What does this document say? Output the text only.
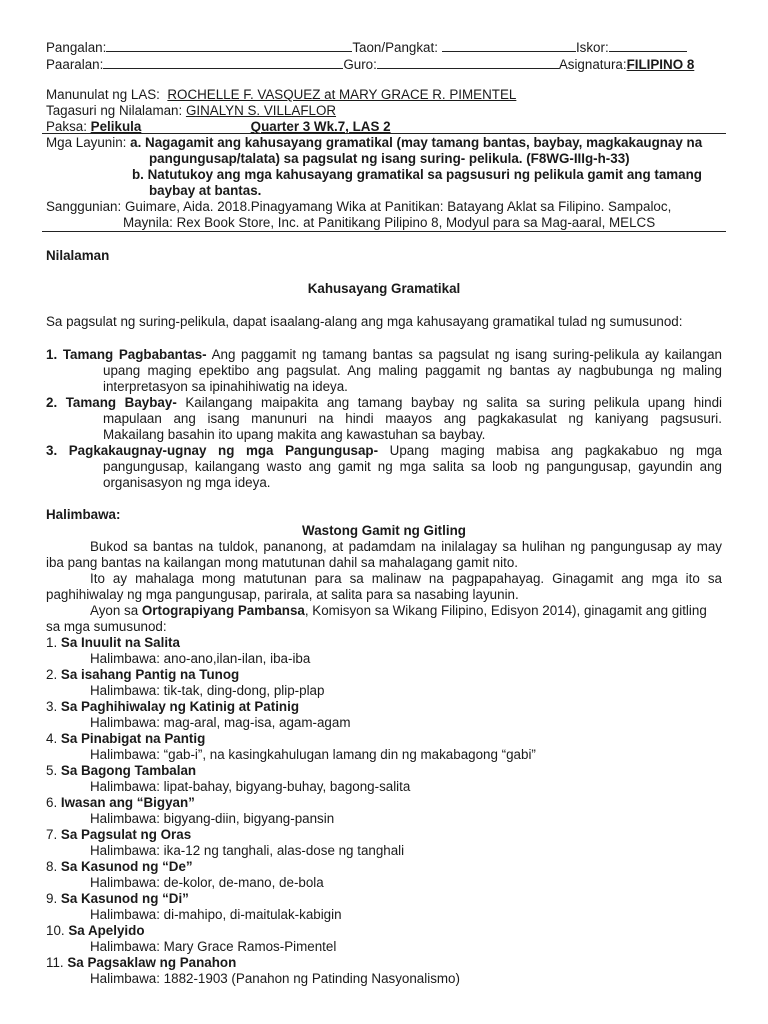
Pangalan:	Taon/Pangkat:	Iskor:
Paaralan:	Guro:	Asignatura:FILIPINO 8
Manunulat ng LAS: ROCHELLE F. VASQUEZ at MARY GRACE R. PIMENTEL
Tagasuri ng Nilalaman: GINALYN S. VILLAFLOR
Paksa: Pelikula	Quarter 3 Wk.7, LAS 2
Mga Layunin: a. Nagagamit ang kahusayang gramatikal (may tamang bantas, baybay, magkakaugnay na
pangungusap/talata) sa pagsulat ng isang suring- pelikula. (F8WG-IIIg-h-33)
b. Natutukoy ang mga kahusayang gramatikal sa pagsusuri ng pelikula gamit ang tamang
baybay at bantas.
Sanggunian: Guimare, Aida. 2018.Pinagyamang Wika at Panitikan: Batayang Aklat sa Filipino. Sampaloc,
Maynila: Rex Book Store, Inc. at Panitikang Pilipino 8, Modyul para sa Mag-aaral, MELCS
Nilalaman
Kahusayang Gramatikal
Sa pagsulat ng suring-pelikula, dapat isaalang-alang ang mga kahusayang gramatikal tulad ng sumusunod:
1. Tamang Pagbabantas- Ang paggamit ng tamang bantas sa pagsulat ng isang suring-pelikula ay kailangan
upang maging epektibo ang pagsulat. Ang maling paggamit ng bantas ay nagbubunga ng maling
interpretasyon sa ipinahihiwatig na ideya.
2. Tamang Baybay- Kailangang maipakita ang tamang baybay ng salita sa suring pelikula upang hindi
mapulaan ang isang manunuri na hindi maayos ang pagkakasulat ng kaniyang pagsusuri.
Makailang basahin ito upang makita ang kawastuhan sa baybay.
3. Pagkakaugnay-ugnay ng mga Pangungusap- Upang maging mabisa ang pagkakabuo ng mga
pangungusap, kailangang wasto ang gamit ng mga salita sa loob ng pangungusap, gayundin ang
organisasyon ng mga ideya.
Halimbawa:
Wastong Gamit ng Gitling
Bukod sa bantas na tuldok, pananong, at padamdam na inilalagay sa hulihan ng pangungusap ay may
iba pang bantas na kailangan mong matutunan dahil sa mahalagang gamit nito.
Ito ay mahalaga mong matutunan para sa malinaw na pagpapahayag. Ginagamit ang mga ito sa
paghihiwalay ng mga pangungusap, parirala, at salita para sa nasabing layunin.
Ayon sa Ortograpiyang Pambansa, Komisyon sa Wikang Filipino, Edisyon 2014), ginagamit ang gitling
sa mga sumusunod:
1. Sa Inuulit na Salita
Halimbawa: ano-ano,ilan-ilan, iba-iba
2. Sa isahang Pantig na Tunog
Halimbawa: tik-tak, ding-dong, plip-plap
3. Sa Paghihiwalay ng Katinig at Patinig
Halimbawa: mag-aral, mag-isa, agam-agam
4. Sa Pinabigat na Pantig
Halimbawa: “gab-i”, na kasingkahulugan lamang din ng makabagong “gabi”
5. Sa Bagong Tambalan
Halimbawa: lipat-bahay, bigyang-buhay, bagong-salita
6. Iwasan ang “Bigyan”
Halimbawa: bigyang-diin, bigyang-pansin
7. Sa Pagsulat ng Oras
Halimbawa: ika-12 ng tanghali, alas-dose ng tanghali
8. Sa Kasunod ng “De”
Halimbawa: de-kolor, de-mano, de-bola
9. Sa Kasunod ng “Di”
Halimbawa: di-mahipo, di-maitulak-kabigin
10. Sa Apelyido
Halimbawa: Mary Grace Ramos-Pimentel
11. Sa Pagsaklaw ng Panahon
Halimbawa: 1882-1903 (Panahon ng Patinding Nasyonalismo)
